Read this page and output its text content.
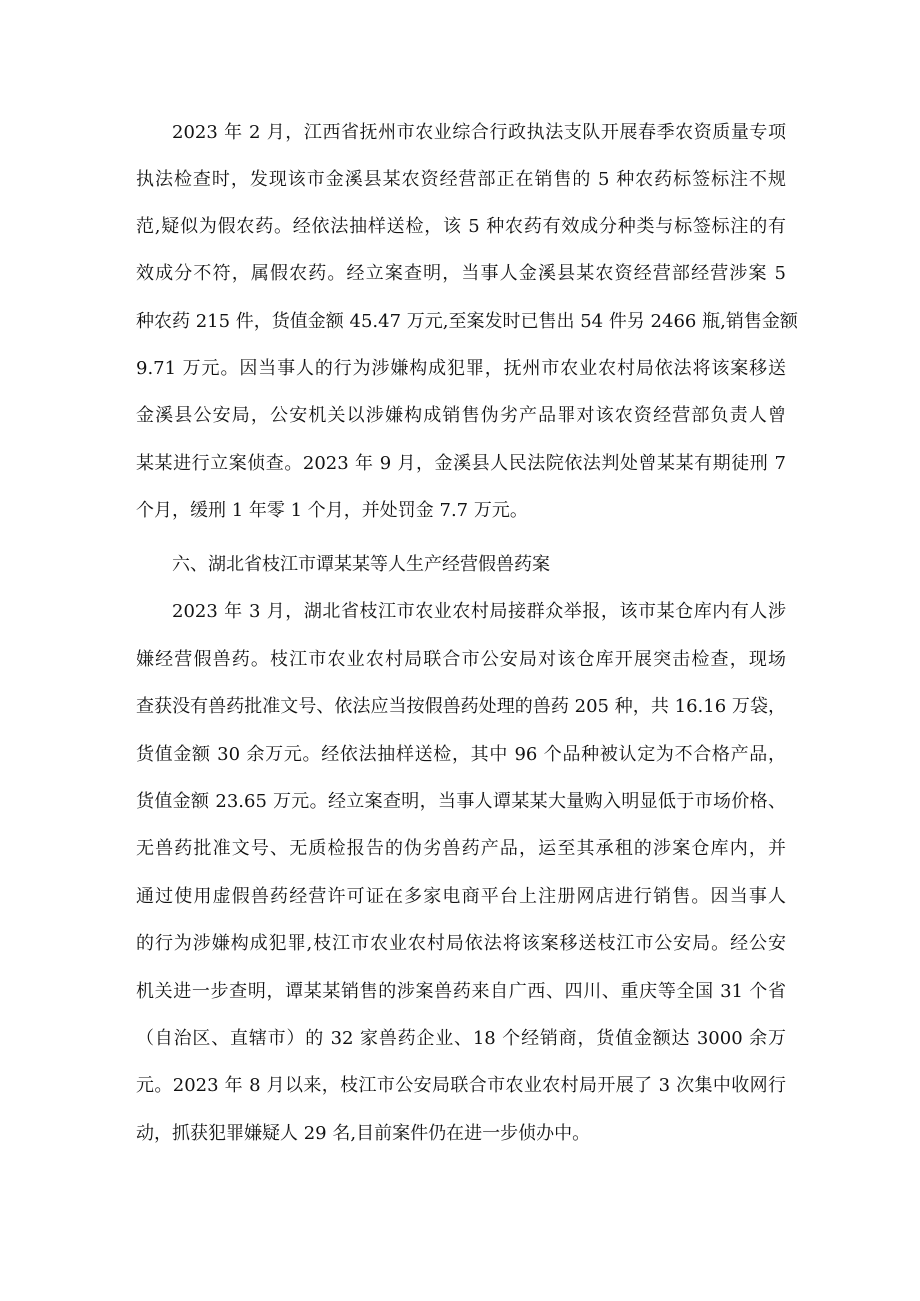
2023 年 2 月，江西省抚州市农业综合行政执法支队开展春季农资质量专项
执法检查时，发现该市金溪县某农资经营部正在销售的 5 种农药标签标注不规
范,疑似为假农药。经依法抽样送检，该 5 种农药有效成分种类与标签标注的有
效成分不符，属假农药。经立案查明，当事人金溪县某农资经营部经营涉案 5
种农药 215 件，货值金额 45.47 万元,至案发时已售出 54 件另 2466 瓶,销售金额
9.71 万元。因当事人的行为涉嫌构成犯罪，抚州市农业农村局依法将该案移送
金溪县公安局，公安机关以涉嫌构成销售伪劣产品罪对该农资经营部负责人曾
某某进行立案侦查。2023 年 9 月，金溪县人民法院依法判处曾某某有期徒刑 7
个月，缓刑 1 年零 1 个月，并处罚金 7.7 万元。
六、湖北省枝江市谭某某等人生产经营假兽药案
2023 年 3 月，湖北省枝江市农业农村局接群众举报，该市某仓库内有人涉
嫌经营假兽药。枝江市农业农村局联合市公安局对该仓库开展突击检查，现场
查获没有兽药批准文号、依法应当按假兽药处理的兽药 205 种，共 16.16 万袋，
货值金额 30 余万元。经依法抽样送检，其中 96 个品种被认定为不合格产品，
货值金额 23.65 万元。经立案查明，当事人谭某某大量购入明显低于市场价格、
无兽药批准文号、无质检报告的伪劣兽药产品，运至其承租的涉案仓库内，并
通过使用虚假兽药经营许可证在多家电商平台上注册网店进行销售。因当事人
的行为涉嫌构成犯罪,枝江市农业农村局依法将该案移送枝江市公安局。经公安
机关进一步查明，谭某某销售的涉案兽药来自广西、四川、重庆等全国 31 个省
（自治区、直辖市）的 32 家兽药企业、18 个经销商，货值金额达 3000 余万
元。2023 年 8 月以来，枝江市公安局联合市农业农村局开展了 3 次集中收网行
动，抓获犯罪嫌疑人 29 名,目前案件仍在进一步侦办中。
